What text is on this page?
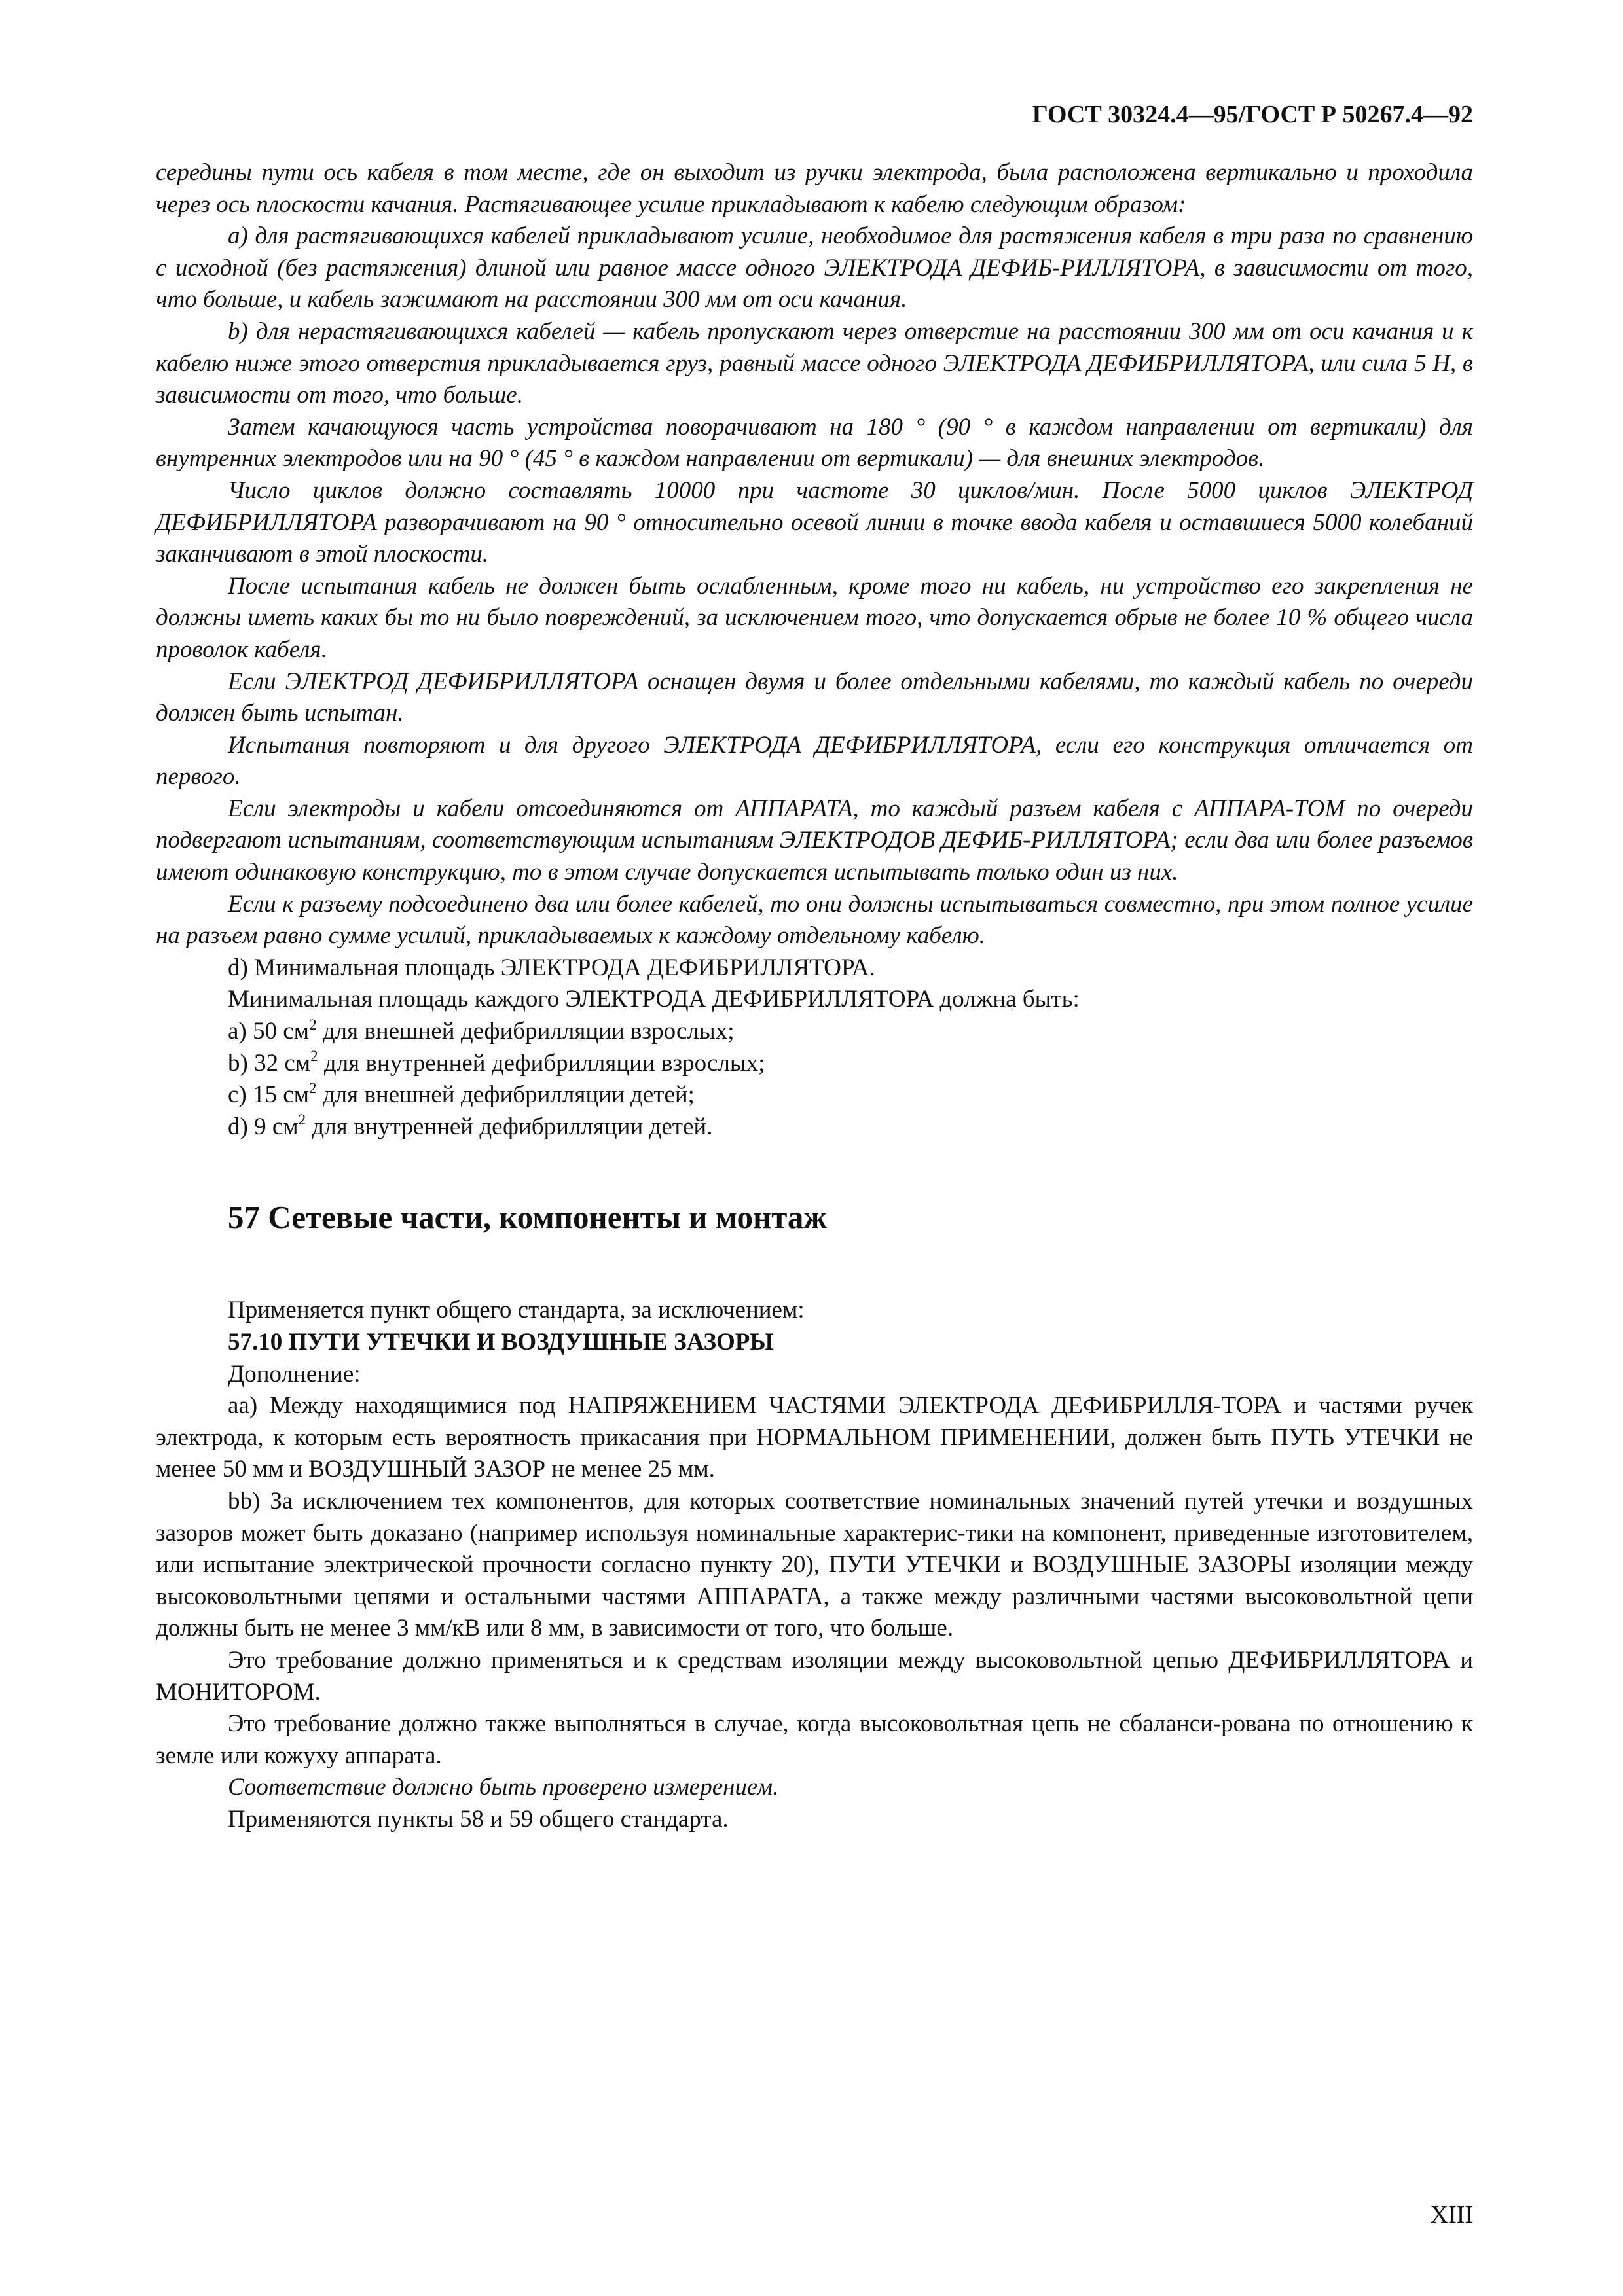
ГОСТ 30324.4—95/ГОСТ Р 50267.4—92

середины пути ось кабеля в том месте, где он выходит из ручки электрода, была расположена вертикально и проходила через ось плоскости качания. Растягивающее усилие прикладывают к кабелю следующим образом:

а) для растягивающихся кабелей прикладывают усилие, необходимое для растяжения кабеля в три раза по сравнению с исходной (без растяжения) длиной или равное массе одного ЭЛЕКТРОДА ДЕФИБ-РИЛЛЯТОРА, в зависимости от того, что больше, и кабель зажимают на расстоянии 300 мм от оси качания.

b) для нерастягивающихся кабелей — кабель пропускают через отверстие на расстоянии 300 мм от оси качания и к кабелю ниже этого отверстия прикладывается груз, равный массе одного ЭЛЕКТРОДА ДЕФИБРИЛЛЯТОРА, или сила 5 Н, в зависимости от того, что больше.

Затем качающуюся часть устройства поворачивают на 180 ° (90 ° в каждом направлении от вертикали) для внутренних электродов или на 90 ° (45 ° в каждом направлении от вертикали) — для внешних электродов.

Число циклов должно составлять 10000 при частоте 30 циклов/мин. После 5000 циклов ЭЛЕКТРОД ДЕФИБРИЛЛЯТОРА разворачивают на 90 ° относительно осевой линии в точке ввода кабеля и оставшиеся 5000 колебаний заканчивают в этой плоскости.

После испытания кабель не должен быть ослабленным, кроме того ни кабель, ни устройство его закрепления не должны иметь каких бы то ни было повреждений, за исключением того, что допускается обрыв не более 10 % общего числа проволок кабеля.

Если ЭЛЕКТРОД ДЕФИБРИЛЛЯТОРА оснащен двумя и более отдельными кабелями, то каждый кабель по очереди должен быть испытан.

Испытания повторяют и для другого ЭЛЕКТРОДА ДЕФИБРИЛЛЯТОРА, если его конструкция отличается от первого.

Если электроды и кабели отсоединяются от АППАРАТА, то каждый разъем кабеля с АППАРА-ТОМ по очереди подвергают испытаниям, соответствующим испытаниям ЭЛЕКТРОДОВ ДЕФИБ-РИЛЛЯТОРА; если два или более разъемов имеют одинаковую конструкцию, то в этом случае допускается испытывать только один из них.

Если к разъему подсоединено два или более кабелей, то они должны испытываться совместно, при этом полное усилие на разъем равно сумме усилий, прикладываемых к каждому отдельному кабелю.

d) Минимальная площадь ЭЛЕКТРОДА ДЕФИБРИЛЛЯТОРА.

Минимальная площадь каждого ЭЛЕКТРОДА ДЕФИБРИЛЛЯТОРА должна быть:

a) 50 $см^2$ для внешней дефибрилляции взрослых;

b) 32 $см^2$ для внутренней дефибрилляции взрослых;

c) 15 $см^2$ для внешней дефибрилляции детей;

d) 9 $см^2$ для внутренней дефибрилляции детей.

57 Сетевые части, компоненты и монтаж

Применяется пункт общего стандарта, за исключением:

57.10 ПУТИ УТЕЧКИ И ВОЗДУШНЫЕ ЗАЗОРЫ

Дополнение:

аа) Между находящимися под НАПРЯЖЕНИЕМ ЧАСТЯМИ ЭЛЕКТРОДА ДЕФИБРИЛЛЯ-ТОРА и частями ручек электрода, к которым есть вероятность прикасания при НОРМАЛЬНОМ ПРИМЕНЕНИИ, должен быть ПУТЬ УТЕЧКИ не менее 50 мм и ВОЗДУШНЫЙ ЗАЗОР не менее 25 мм.

bb) За исключением тех компонентов, для которых соответствие номинальных значений путей утечки и воздушных зазоров может быть доказано (например используя номинальные характерис-тики на компонент, приведенные изготовителем, или испытание электрической прочности согласно пункту 20), ПУТИ УТЕЧКИ и ВОЗДУШНЫЕ ЗАЗОРЫ изоляции между высоковольтными цепями и остальными частями АППАРАТА, а также между различными частями высоковольтной цепи должны быть не менее 3 мм/кВ или 8 мм, в зависимости от того, что больше.

Это требование должно применяться и к средствам изоляции между высоковольтной цепью ДЕФИБРИЛЛЯТОРА и МОНИТОРОМ.

Это требование должно также выполняться в случае, когда высоковольтная цепь не сбаланси-рована по отношению к земле или кожуху аппарата.

Соответствие должно быть проверено измерением.

Применяются пункты 58 и 59 общего стандарта.

XIII
